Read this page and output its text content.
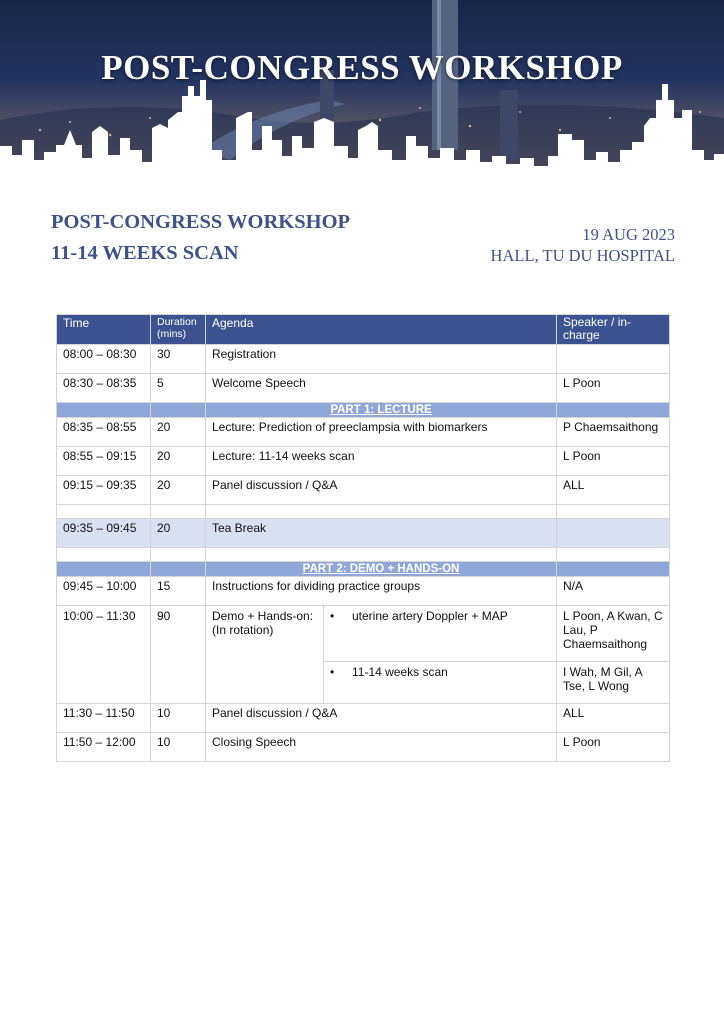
POST-CONGRESS WORKSHOP
POST-CONGRESS WORKSHOP
11-14 WEEKS SCAN
19 AUG 2023
HALL, TU DU HOSPITAL
Time	Duration (mins)	Agenda		Speaker / in-charge
08:00 – 08:30	30	Registration		
08:30 – 08:35	5	Welcome Speech		L Poon
		PART 1: LECTURE		
08:35 – 08:55	20	Lecture: Prediction of preeclampsia with biomarkers		P Chaemsaithong
08:55 – 09:15	20	Lecture: 11-14 weeks scan		L Poon
09:15 – 09:35	20	Panel discussion / Q&A		ALL

09:35 – 09:45	20	Tea Break		

		PART 2: DEMO + HANDS-ON		
09:45 – 10:00	15	Instructions for dividing practice groups		N/A
10:00 – 11:30	90	Demo + Hands-on: (In rotation)	• uterine artery Doppler + MAP	L Poon, A Kwan, C Lau, P Chaemsaithong

			• 11-14 weeks scan	I Wah, M Gil, A Tse, L Wong
11:30 – 11:50	10	Panel discussion / Q&A		ALL
11:50 – 12:00	10	Closing Speech		L Poon
